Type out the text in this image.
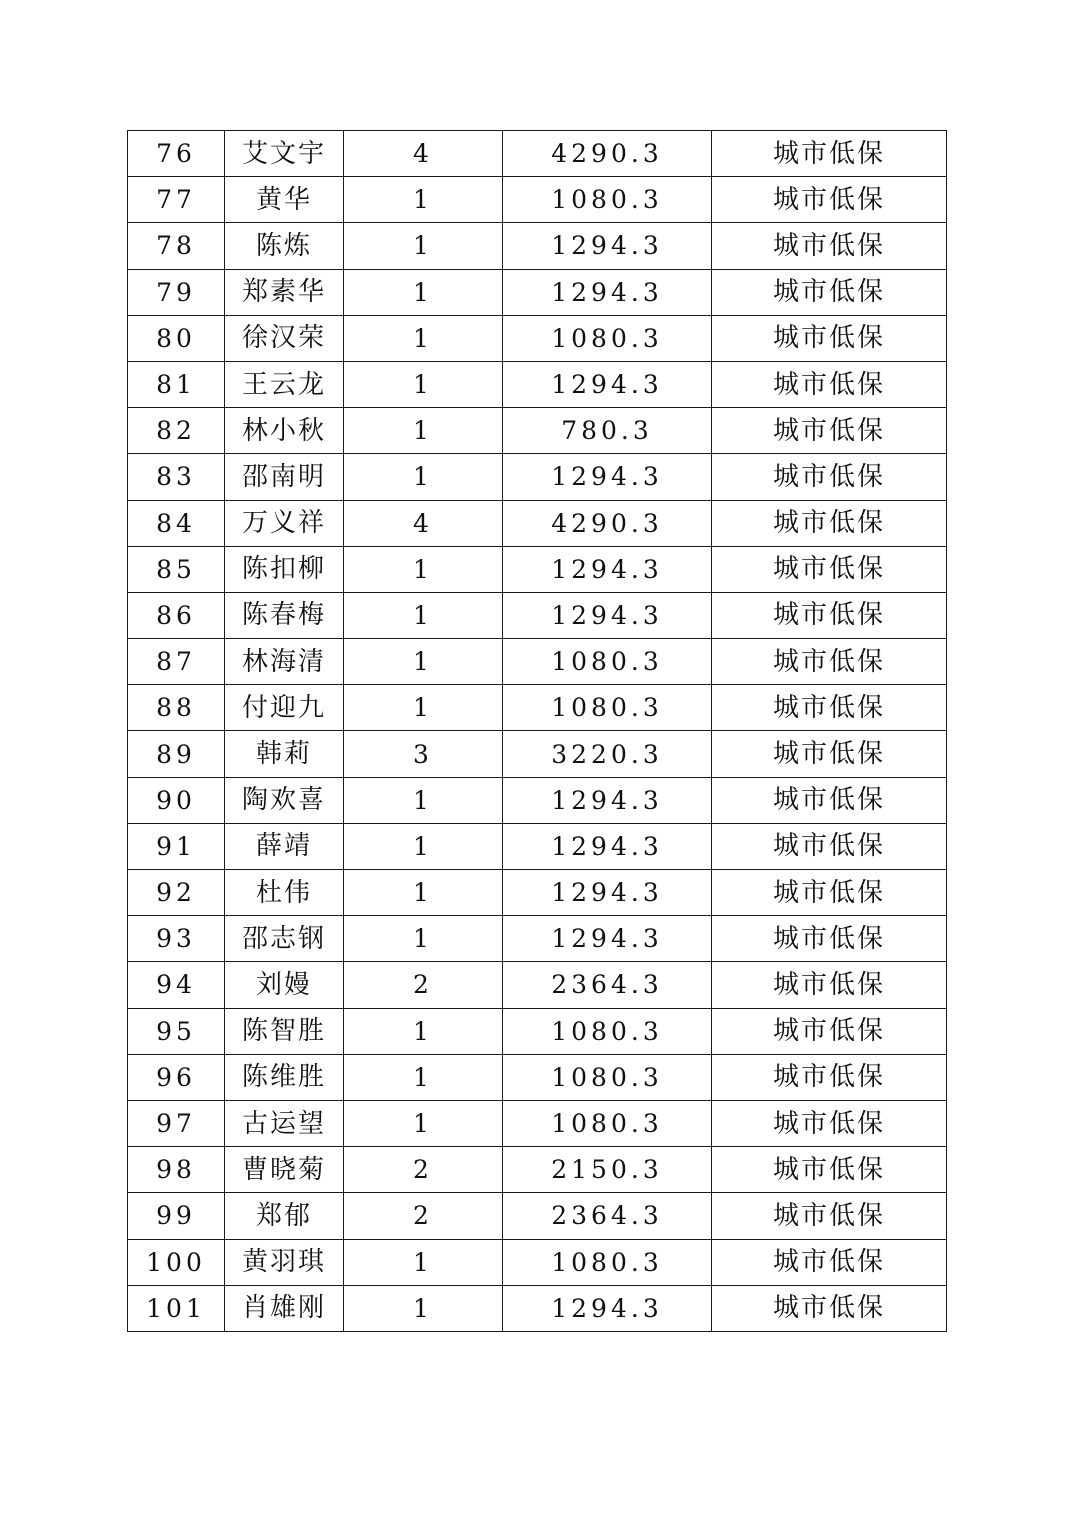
76	艾文宇	4	4290.3	城市低保
77	黄华	1	1080.3	城市低保
78	陈炼	1	1294.3	城市低保
79	郑素华	1	1294.3	城市低保
80	徐汉荣	1	1080.3	城市低保
81	王云龙	1	1294.3	城市低保
82	林小秋	1	780.3	城市低保
83	邵南明	1	1294.3	城市低保
84	万义祥	4	4290.3	城市低保
85	陈扣柳	1	1294.3	城市低保
86	陈春梅	1	1294.3	城市低保
87	林海清	1	1080.3	城市低保
88	付迎九	1	1080.3	城市低保
89	韩莉	3	3220.3	城市低保
90	陶欢喜	1	1294.3	城市低保
91	薛靖	1	1294.3	城市低保
92	杜伟	1	1294.3	城市低保
93	邵志钢	1	1294.3	城市低保
94	刘嫚	2	2364.3	城市低保
95	陈智胜	1	1080.3	城市低保
96	陈维胜	1	1080.3	城市低保
97	古运望	1	1080.3	城市低保
98	曹晓菊	2	2150.3	城市低保
99	郑郁	2	2364.3	城市低保
100	黄羽琪	1	1080.3	城市低保
101	肖雄刚	1	1294.3	城市低保
